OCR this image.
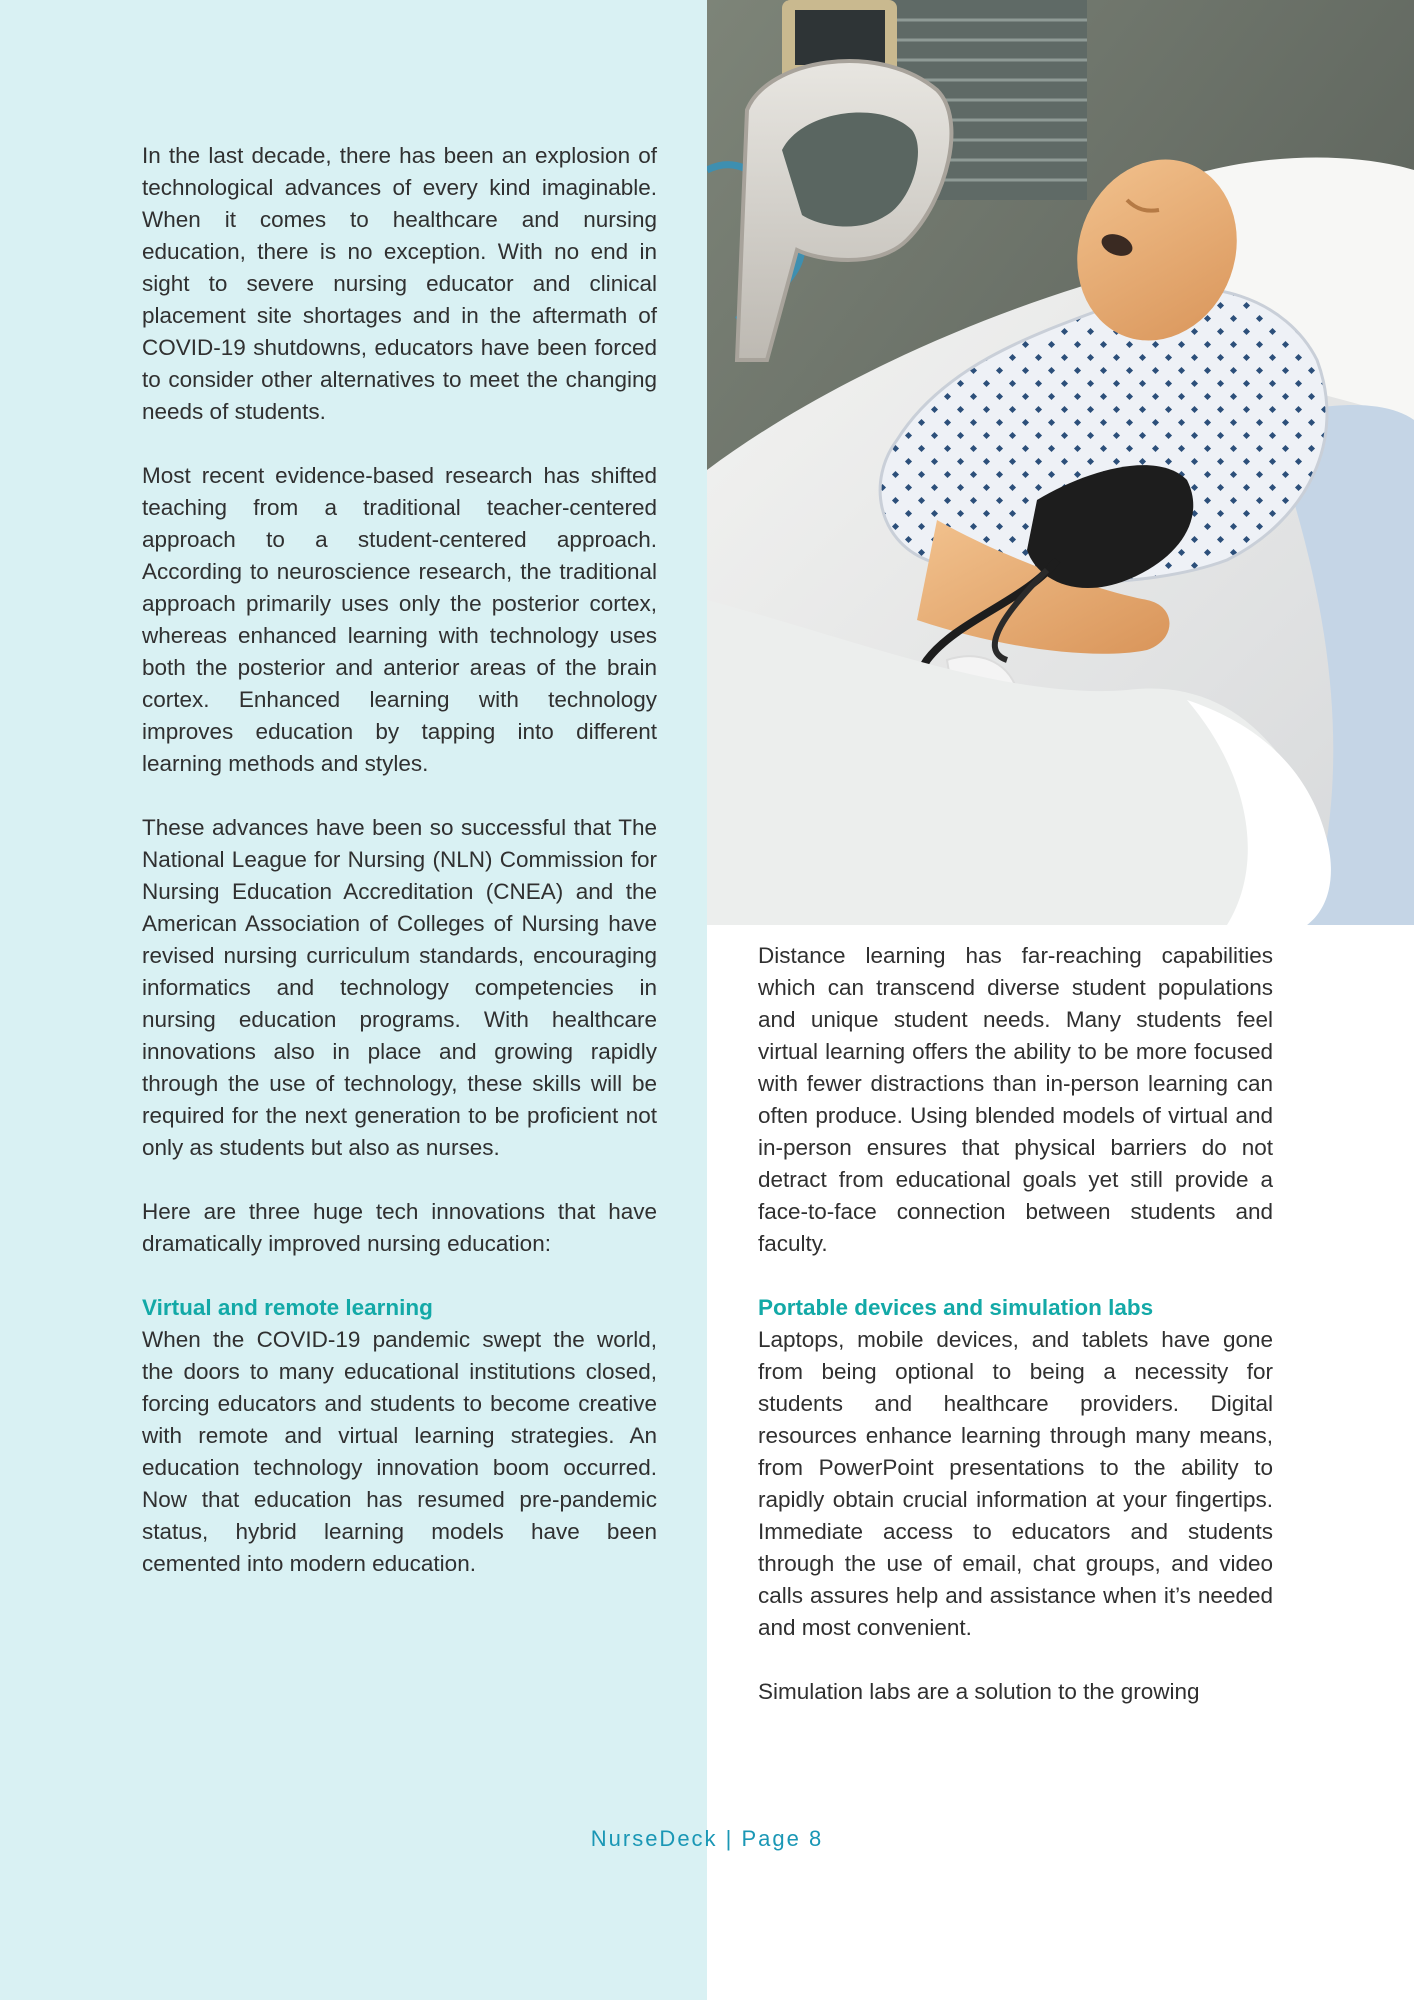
In the last decade, there has been an explosion of technological advances of every kind imaginable. When it comes to healthcare and nursing education, there is no exception. With no end in sight to severe nursing educator and clinical placement site shortages and in the aftermath of COVID-19 shutdowns, educators have been forced to consider other alternatives to meet the changing needs of students.

Most recent evidence-based research has shifted teaching from a traditional teacher-centered approach to a student-centered approach. According to neuroscience research, the traditional approach primarily uses only the posterior cortex, whereas enhanced learning with technology uses both the posterior and anterior areas of the brain cortex. Enhanced learning with technology improves education by tapping into different learning methods and styles.

These advances have been so successful that The National League for Nursing (NLN) Commission for Nursing Education Accreditation (CNEA) and the American Association of Colleges of Nursing have revised nursing curriculum standards, encouraging informatics and technology competencies in nursing education programs. With healthcare innovations also in place and growing rapidly through the use of technology, these skills will be required for the next generation to be proficient not only as students but also as nurses.

Here are three huge tech innovations that have dramatically improved nursing education:

Virtual and remote learning

When the COVID-19 pandemic swept the world, the doors to many educational institutions closed, forcing educators and students to become creative with remote and virtual learning strategies. An education technology innovation boom occurred. Now that education has resumed pre-pandemic status, hybrid learning models have been cemented into modern education.

Distance learning has far-reaching capabilities which can transcend diverse student populations and unique student needs. Many students feel virtual learning offers the ability to be more focused with fewer distractions than in-person learning can often produce. Using blended models of virtual and in-person ensures that physical barriers do not detract from educational goals yet still provide a face-to-face connection between students and faculty.

Portable devices and simulation labs

Laptops, mobile devices, and tablets have gone from being optional to being a necessity for students and healthcare providers. Digital resources enhance learning through many means, from PowerPoint presentations to the ability to rapidly obtain crucial information at your fingertips. Immediate access to educators and students through the use of email, chat groups, and video calls assures help and assistance when it’s needed and most convenient.

Simulation labs are a solution to the growing

NurseDeck | Page 8
